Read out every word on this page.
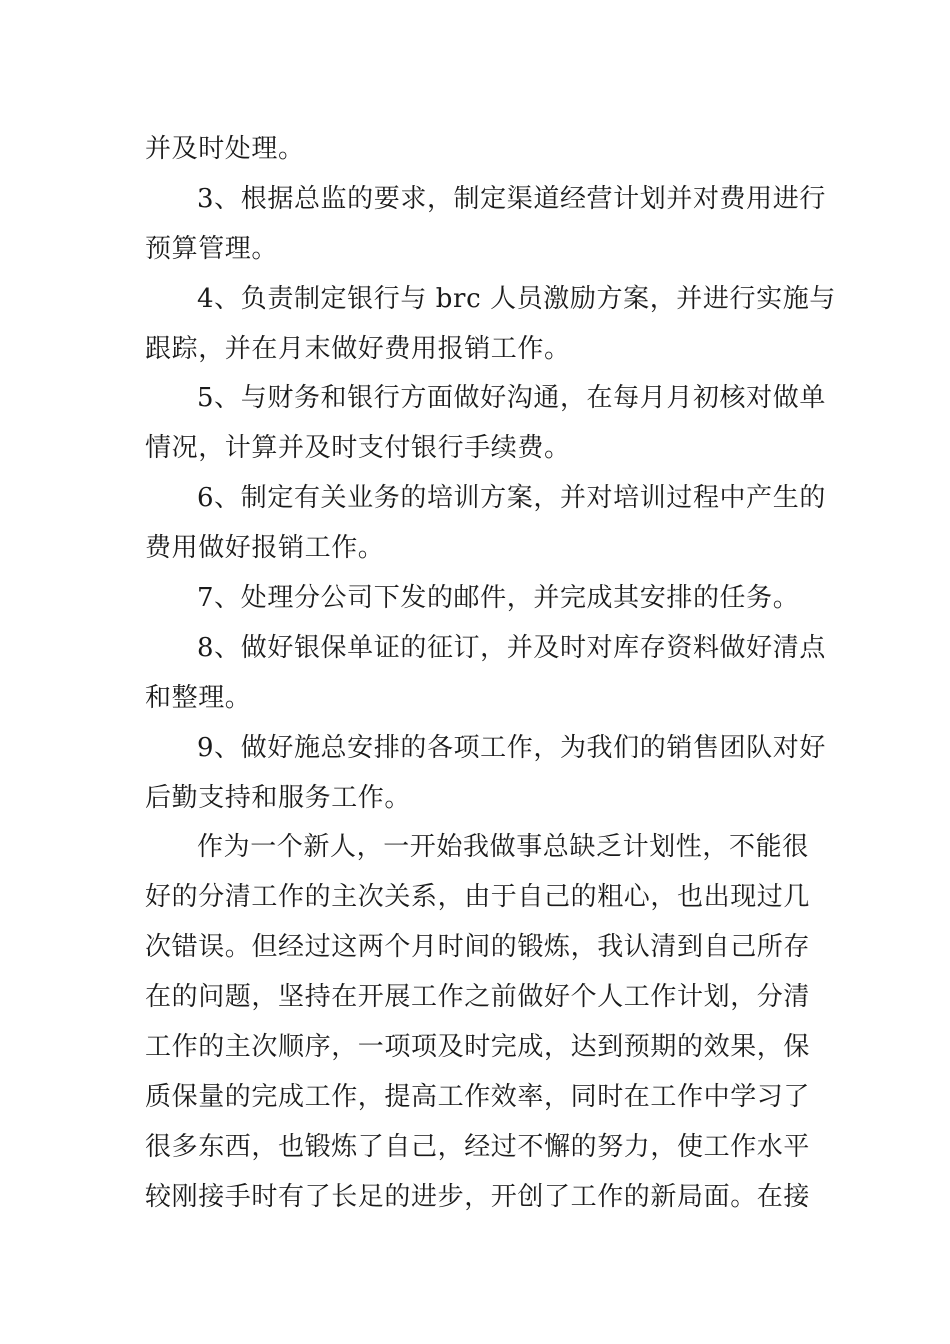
并及时处理。
3、根据总监的要求，制定渠道经营计划并对费用进行
预算管理。
4、负责制定银行与 brc 人员激励方案，并进行实施与
跟踪，并在月末做好费用报销工作。
5、与财务和银行方面做好沟通，在每月月初核对做单
情况，计算并及时支付银行手续费。
6、制定有关业务的培训方案，并对培训过程中产生的
费用做好报销工作。
7、处理分公司下发的邮件，并完成其安排的任务。
8、做好银保单证的征订，并及时对库存资料做好清点
和整理。
9、做好施总安排的各项工作，为我们的销售团队对好
后勤支持和服务工作。
作为一个新人，一开始我做事总缺乏计划性，不能很
好的分清工作的主次关系，由于自己的粗心，也出现过几
次错误。但经过这两个月时间的锻炼，我认清到自己所存
在的问题，坚持在开展工作之前做好个人工作计划，分清
工作的主次顺序，一项项及时完成，达到预期的效果，保
质保量的完成工作，提高工作效率，同时在工作中学习了
很多东西，也锻炼了自己，经过不懈的努力，使工作水平
较刚接手时有了长足的进步，开创了工作的新局面。在接
